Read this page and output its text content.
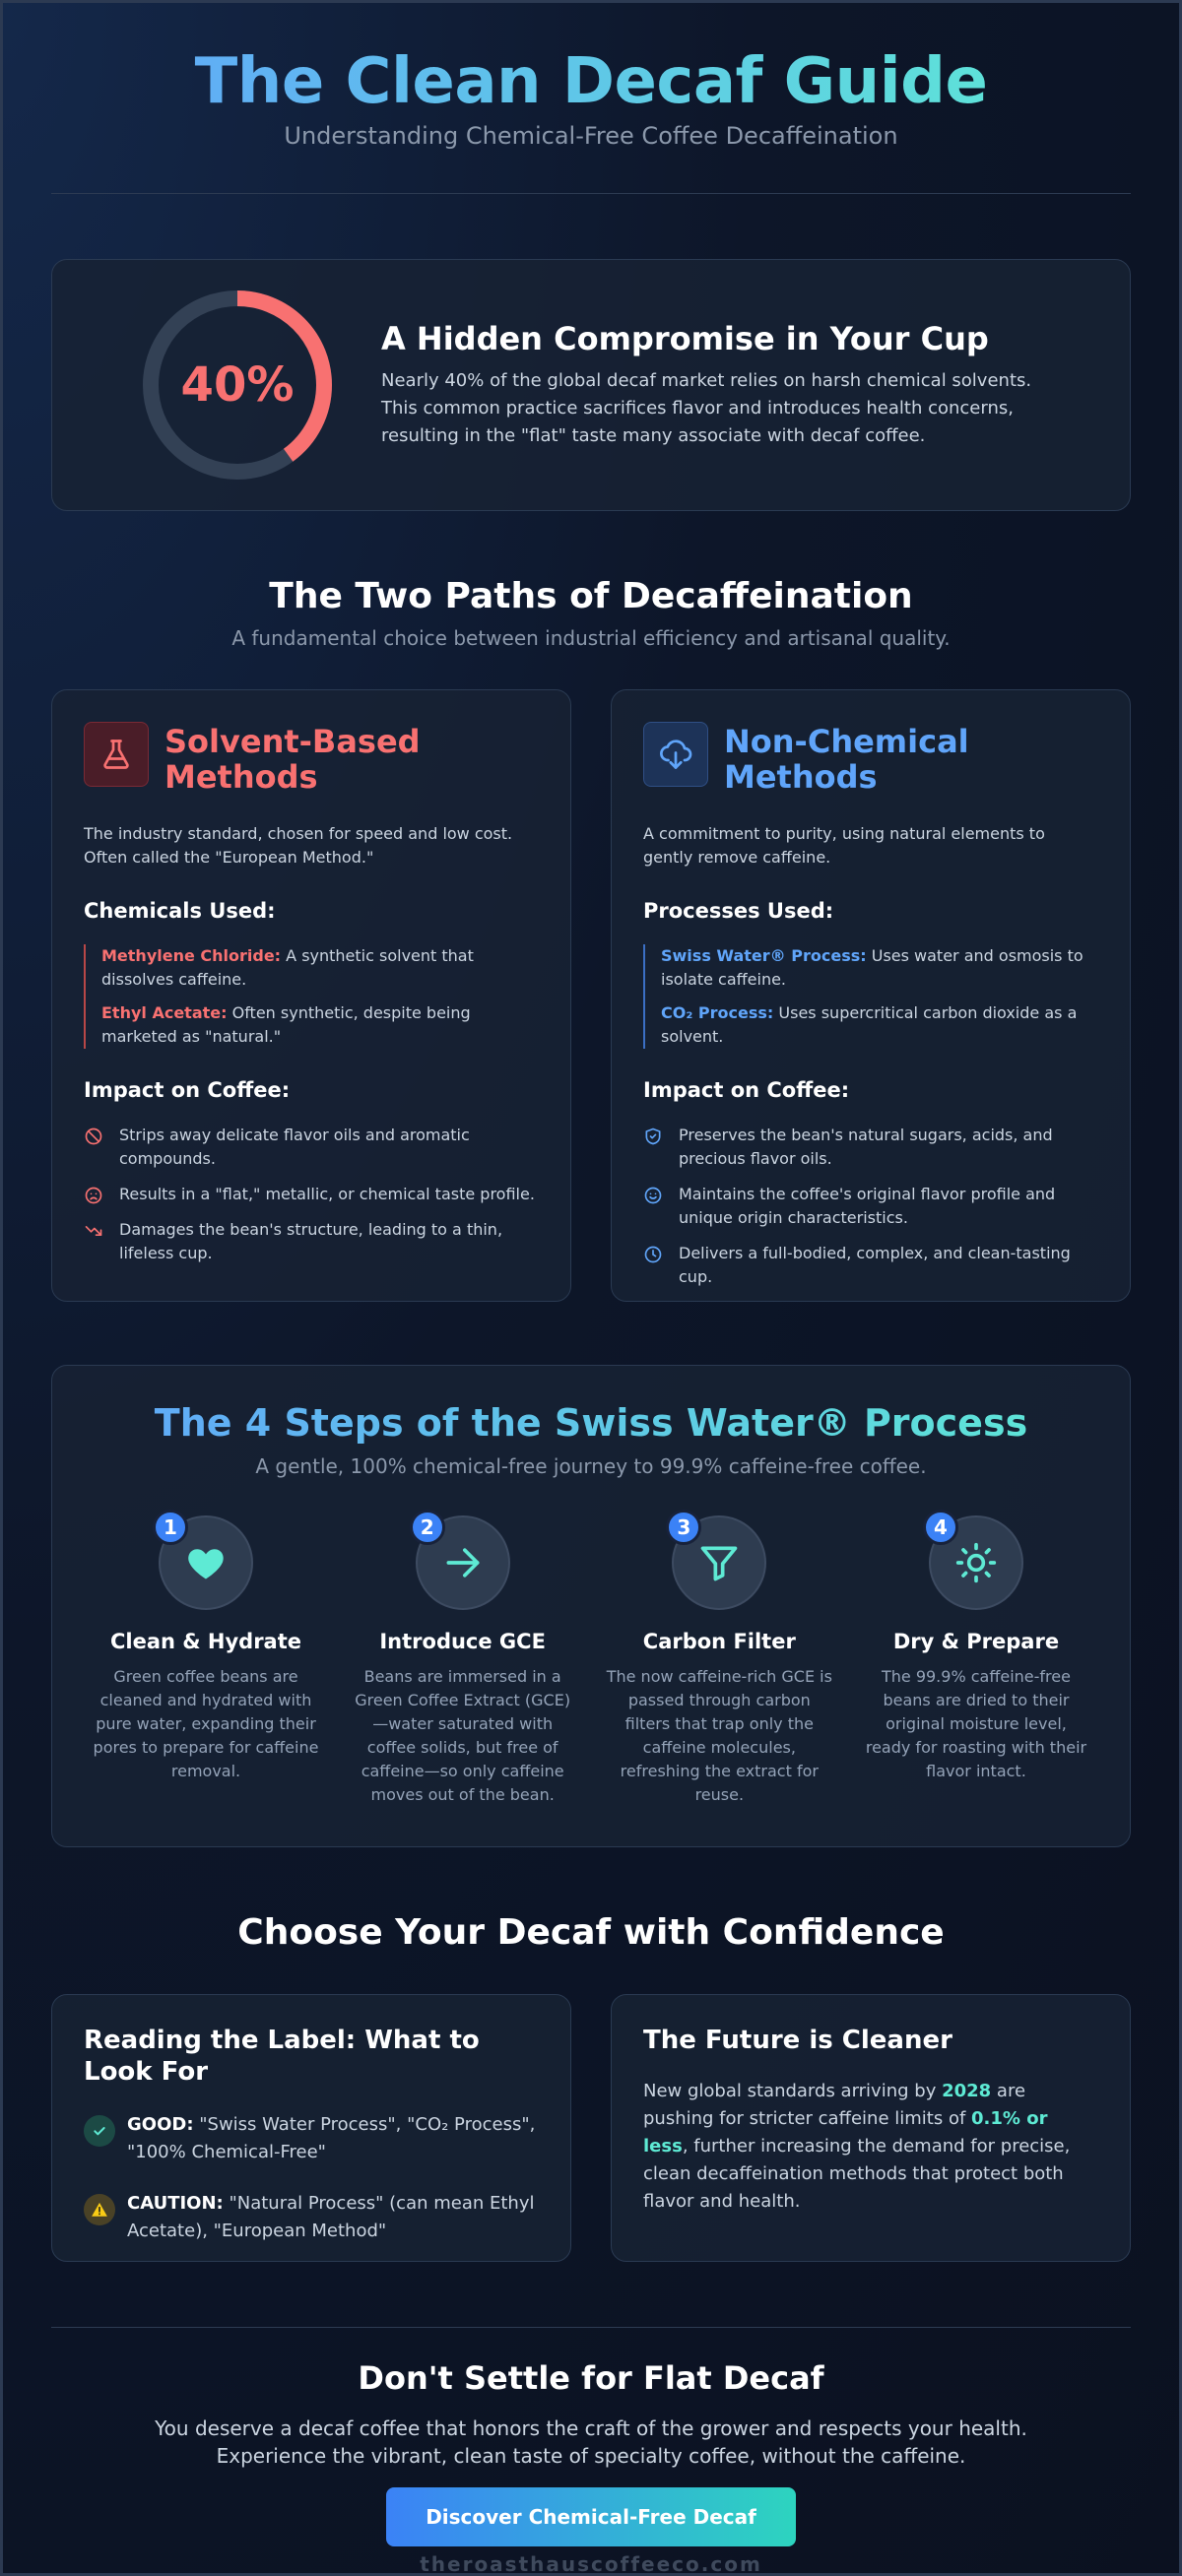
The Clean Decaf Guide
Understanding Chemical-Free Coffee Decaffeination
40%
A Hidden Compromise in Your Cup

Nearly 40% of the global decaf market relies on harsh chemical solvents. This common practice sacrifices flavor and introduces health concerns, resulting in the "flat" taste many associate with decaf coffee.

The Two Paths of Decaffeination
A fundamental choice between industrial efficiency and artisanal quality.
Solvent-Based Methods

The industry standard, chosen for speed and low cost. Often called the "European Method."

Chemicals Used:
Methylene Chloride: A synthetic solvent that dissolves caffeine.
Ethyl Acetate: Often synthetic, despite being marketed as "natural."
Impact on Coffee:
Strips away delicate flavor oils and aromatic compounds.
Results in a "flat," metallic, or chemical taste profile.
Damages the bean's structure, leading to a thin, lifeless cup.
Non-Chemical Methods

A commitment to purity, using natural elements to gently remove caffeine.

Processes Used:
Swiss Water® Process: Uses water and osmosis to isolate caffeine.
CO₂ Process: Uses supercritical carbon dioxide as a solvent.
Impact on Coffee:
Preserves the bean's natural sugars, acids, and precious flavor oils.
Maintains the coffee's original flavor profile and unique origin characteristics.
Delivers a full-bodied, complex, and clean-tasting cup.
The 4 Steps of the Swiss Water® Process
A gentle, 100% chemical-free journey to 99.9% caffeine-free coffee.
1
Clean & Hydrate

Green coffee beans are cleaned and hydrated with pure water, expanding their pores to prepare for caffeine removal.

2
Introduce GCE

Beans are immersed in a Green Coffee Extract (GCE)—water saturated with coffee solids, but free of caffeine—so only caffeine moves out of the bean.

3
Carbon Filter

The now caffeine-rich GCE is passed through carbon filters that trap only the caffeine molecules, refreshing the extract for reuse.

4
Dry & Prepare

The 99.9% caffeine-free beans are dried to their original moisture level, ready for roasting with their flavor intact.

Choose Your Decaf with Confidence
Reading the Label: What to Look For
GOOD: "Swiss Water Process", "CO₂ Process", "100% Chemical-Free"
CAUTION: "Natural Process" (can mean Ethyl Acetate), "European Method"
The Future is Cleaner

New global standards arriving by 2028 are pushing for stricter caffeine limits of 0.1% or less, further increasing the demand for precise, clean decaffeination methods that protect both flavor and health.

Don't Settle for Flat Decaf

You deserve a decaf coffee that honors the craft of the grower and respects your health.
Experience the vibrant, clean taste of specialty coffee, without the caffeine.

Discover Chemical-Free Decaf
theroasthauscoffeeco.com
